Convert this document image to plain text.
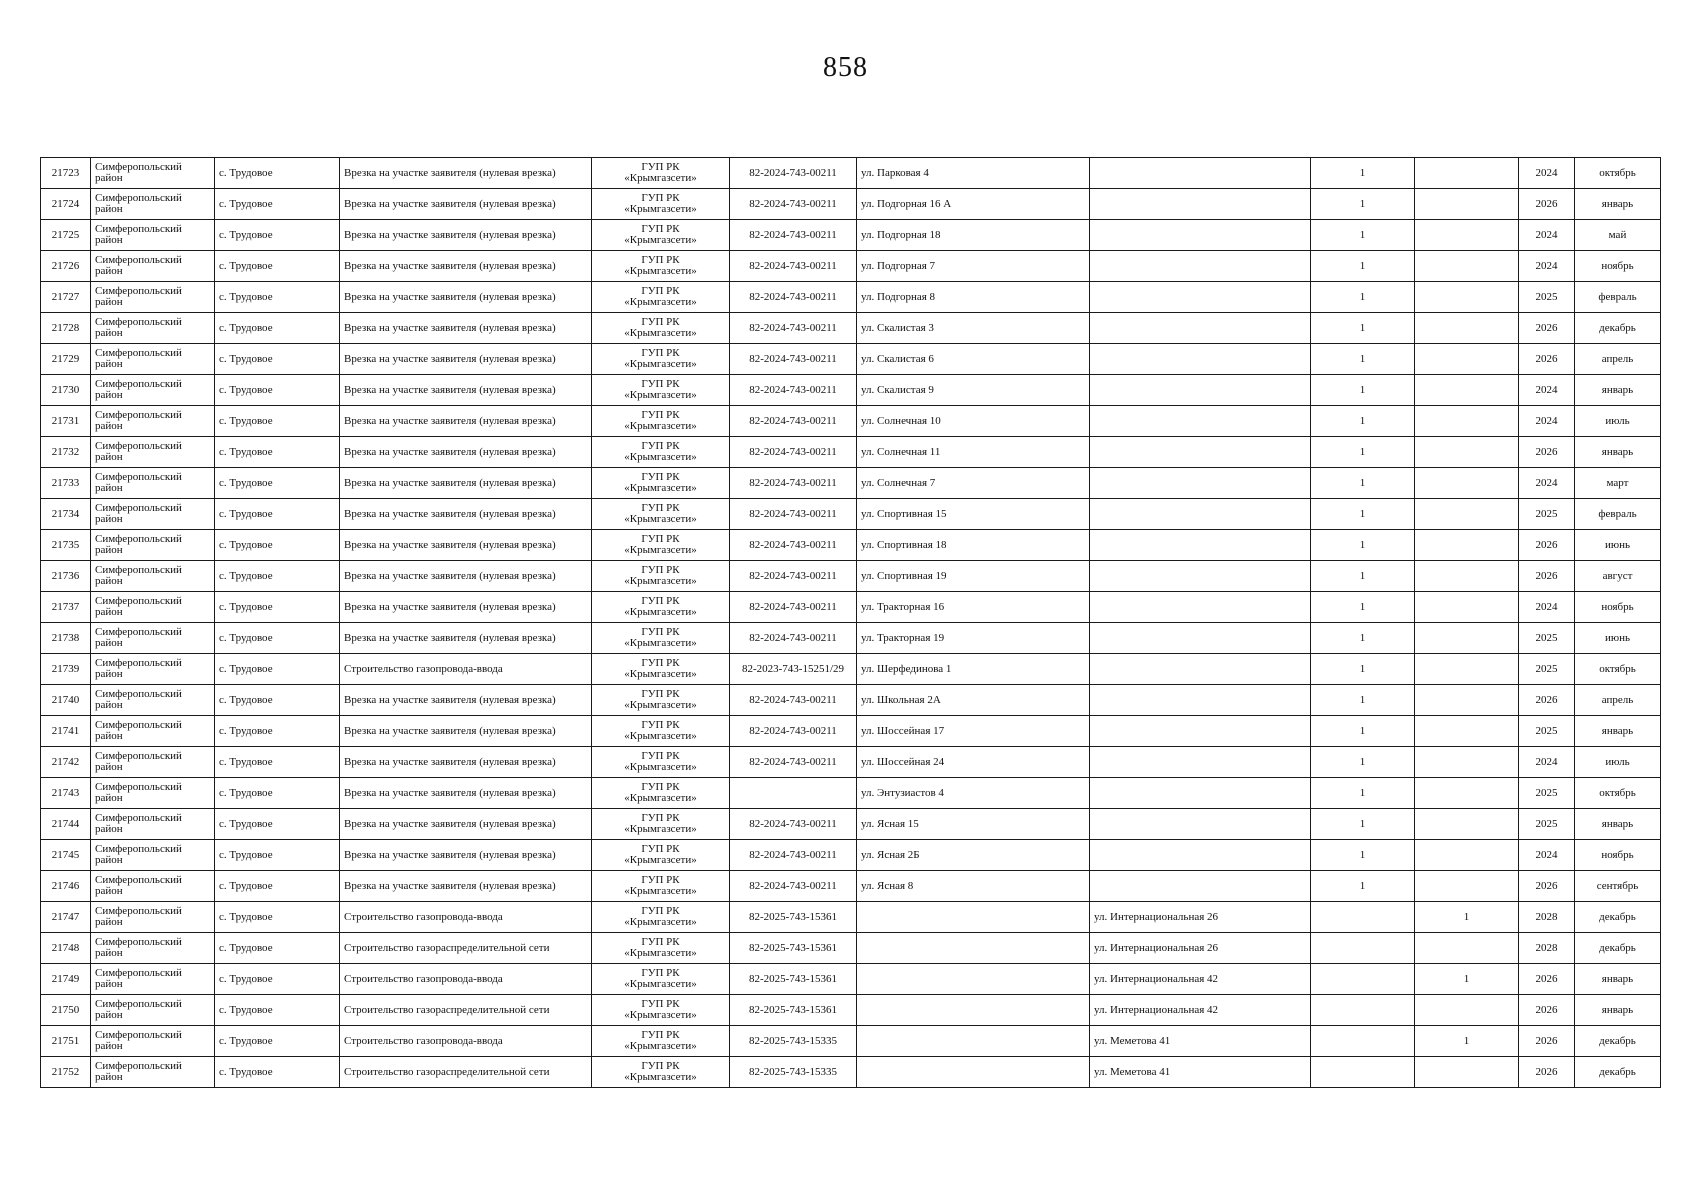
858
21723	Симферопольский район	с. Трудовое	Врезка на участке заявителя (нулевая врезка)	ГУП РК
«Крымгазсети»	82-2024-743-00211	ул. Парковая 4		1		2024	октябрь
21724	Симферопольский район	с. Трудовое	Врезка на участке заявителя (нулевая врезка)	ГУП РК
«Крымгазсети»	82-2024-743-00211	ул. Подгорная 16 А		1		2026	январь
21725	Симферопольский район	с. Трудовое	Врезка на участке заявителя (нулевая врезка)	ГУП РК
«Крымгазсети»	82-2024-743-00211	ул. Подгорная 18		1		2024	май
21726	Симферопольский район	с. Трудовое	Врезка на участке заявителя (нулевая врезка)	ГУП РК
«Крымгазсети»	82-2024-743-00211	ул. Подгорная 7		1		2024	ноябрь
21727	Симферопольский район	с. Трудовое	Врезка на участке заявителя (нулевая врезка)	ГУП РК
«Крымгазсети»	82-2024-743-00211	ул. Подгорная 8		1		2025	февраль
21728	Симферопольский район	с. Трудовое	Врезка на участке заявителя (нулевая врезка)	ГУП РК
«Крымгазсети»	82-2024-743-00211	ул. Скалистая 3		1		2026	декабрь
21729	Симферопольский район	с. Трудовое	Врезка на участке заявителя (нулевая врезка)	ГУП РК
«Крымгазсети»	82-2024-743-00211	ул. Скалистая 6		1		2026	апрель
21730	Симферопольский район	с. Трудовое	Врезка на участке заявителя (нулевая врезка)	ГУП РК
«Крымгазсети»	82-2024-743-00211	ул. Скалистая 9		1		2024	январь
21731	Симферопольский район	с. Трудовое	Врезка на участке заявителя (нулевая врезка)	ГУП РК
«Крымгазсети»	82-2024-743-00211	ул. Солнечная 10		1		2024	июль
21732	Симферопольский район	с. Трудовое	Врезка на участке заявителя (нулевая врезка)	ГУП РК
«Крымгазсети»	82-2024-743-00211	ул. Солнечная 11		1		2026	январь
21733	Симферопольский район	с. Трудовое	Врезка на участке заявителя (нулевая врезка)	ГУП РК
«Крымгазсети»	82-2024-743-00211	ул. Солнечная 7		1		2024	март
21734	Симферопольский район	с. Трудовое	Врезка на участке заявителя (нулевая врезка)	ГУП РК
«Крымгазсети»	82-2024-743-00211	ул. Спортивная 15		1		2025	февраль
21735	Симферопольский район	с. Трудовое	Врезка на участке заявителя (нулевая врезка)	ГУП РК
«Крымгазсети»	82-2024-743-00211	ул. Спортивная 18		1		2026	июнь
21736	Симферопольский район	с. Трудовое	Врезка на участке заявителя (нулевая врезка)	ГУП РК
«Крымгазсети»	82-2024-743-00211	ул. Спортивная 19		1		2026	август
21737	Симферопольский район	с. Трудовое	Врезка на участке заявителя (нулевая врезка)	ГУП РК
«Крымгазсети»	82-2024-743-00211	ул. Тракторная 16		1		2024	ноябрь
21738	Симферопольский район	с. Трудовое	Врезка на участке заявителя (нулевая врезка)	ГУП РК
«Крымгазсети»	82-2024-743-00211	ул. Тракторная 19		1		2025	июнь
21739	Симферопольский район	с. Трудовое	Строительство газопровода-ввода	ГУП РК
«Крымгазсети»	82-2023-743-15251/29	ул. Шерфединова 1		1		2025	октябрь
21740	Симферопольский район	с. Трудовое	Врезка на участке заявителя (нулевая врезка)	ГУП РК
«Крымгазсети»	82-2024-743-00211	ул. Школьная 2А		1		2026	апрель
21741	Симферопольский район	с. Трудовое	Врезка на участке заявителя (нулевая врезка)	ГУП РК
«Крымгазсети»	82-2024-743-00211	ул. Шоссейная 17		1		2025	январь
21742	Симферопольский район	с. Трудовое	Врезка на участке заявителя (нулевая врезка)	ГУП РК
«Крымгазсети»	82-2024-743-00211	ул. Шоссейная 24		1		2024	июль
21743	Симферопольский район	с. Трудовое	Врезка на участке заявителя (нулевая врезка)	ГУП РК
«Крымгазсети»		ул. Энтузиастов 4		1		2025	октябрь
21744	Симферопольский район	с. Трудовое	Врезка на участке заявителя (нулевая врезка)	ГУП РК
«Крымгазсети»	82-2024-743-00211	ул. Ясная 15		1		2025	январь
21745	Симферопольский район	с. Трудовое	Врезка на участке заявителя (нулевая врезка)	ГУП РК
«Крымгазсети»	82-2024-743-00211	ул. Ясная 2Б		1		2024	ноябрь
21746	Симферопольский район	с. Трудовое	Врезка на участке заявителя (нулевая врезка)	ГУП РК
«Крымгазсети»	82-2024-743-00211	ул. Ясная 8		1		2026	сентябрь
21747	Симферопольский район	с. Трудовое	Строительство газопровода-ввода	ГУП РК
«Крымгазсети»	82-2025-743-15361		ул. Интернациональная 26		1	2028	декабрь
21748	Симферопольский район	с. Трудовое	Строительство газораспределительной сети	ГУП РК
«Крымгазсети»	82-2025-743-15361		ул. Интернациональная 26			2028	декабрь
21749	Симферопольский район	с. Трудовое	Строительство газопровода-ввода	ГУП РК
«Крымгазсети»	82-2025-743-15361		ул. Интернациональная 42		1	2026	январь
21750	Симферопольский район	с. Трудовое	Строительство газораспределительной сети	ГУП РК
«Крымгазсети»	82-2025-743-15361		ул. Интернациональная 42			2026	январь
21751	Симферопольский район	с. Трудовое	Строительство газопровода-ввода	ГУП РК
«Крымгазсети»	82-2025-743-15335		ул. Меметова 41		1	2026	декабрь
21752	Симферопольский район	с. Трудовое	Строительство газораспределительной сети	ГУП РК
«Крымгазсети»	82-2025-743-15335		ул. Меметова 41			2026	декабрь
